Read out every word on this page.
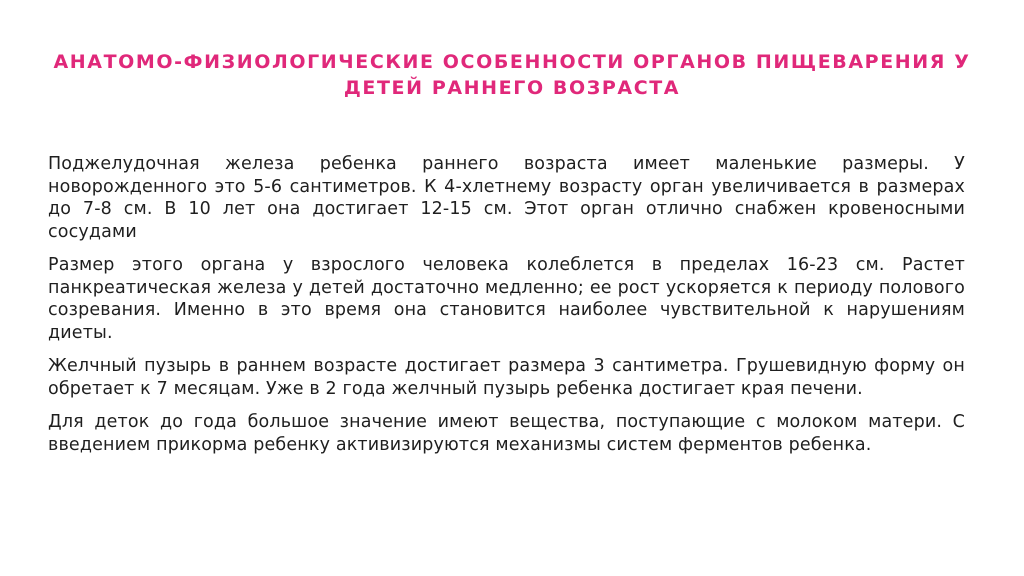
АНАТОМО-ФИЗИОЛОГИЧЕСКИЕ ОСОБЕННОСТИ ОРГАНОВ ПИЩЕВАРЕНИЯ У ДЕТЕЙ РАННЕГО ВОЗРАСТА

Поджелудочная железа ребенка раннего возраста имеет маленькие размеры. У новорожденного это 5-6 сантиметров. К 4-хлетнему возрасту орган увеличивается в размерах до 7-8 см. В 10 лет она достигает 12-15 см. Этот орган отлично снабжен кровеносными сосудами

Размер этого органа у взрослого человека колеблется в пределах 16-23 см. Растет панкреатическая железа у детей достаточно медленно; ее рост ускоряется к периоду полового созревания. Именно в это время она становится наиболее чувствительной к нарушениям диеты.

Желчный пузырь в раннем возрасте достигает размера 3 сантиметра. Грушевидную форму он обретает к 7 месяцам. Уже в 2 года желчный пузырь ребенка достигает края печени.

Для деток до года большое значение имеют вещества, поступающие с молоком матери. С введением прикорма ребенку активизируются механизмы систем ферментов ребенка.
